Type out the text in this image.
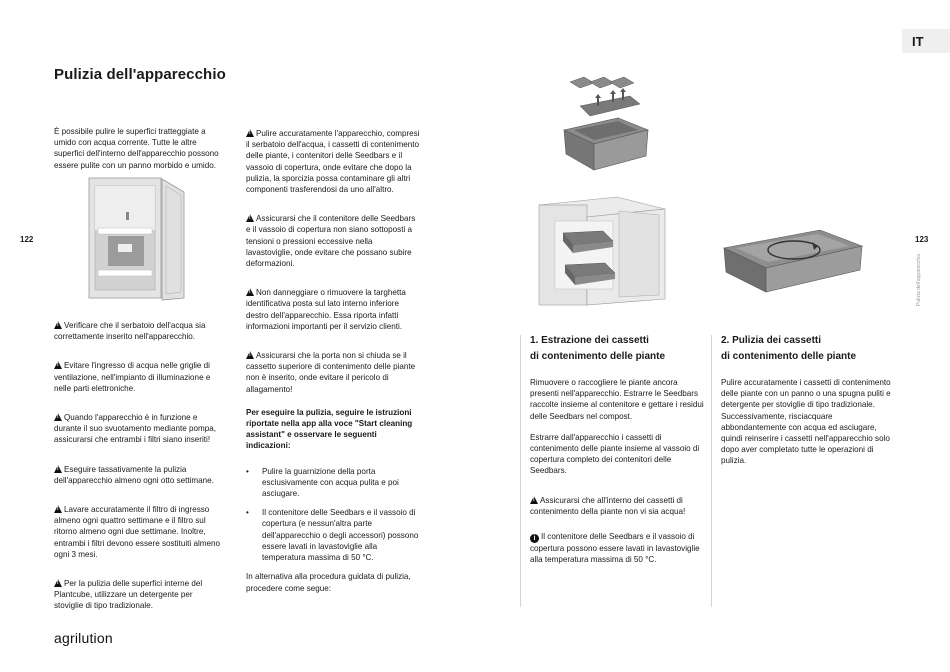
IT
122	123
Pulizia dell'apparecchio
Pulizia dell'apparecchio

È possibile pulire le superfici tratteggiate a umido con acqua corrente. Tutte le altre superfici dell'interno dell'apparecchio possono essere pulite con un panno morbido e umido.

!Verificare che il serbatoio dell'acqua sia correttamente inserito nell'apparecchio.

!Evitare l'ingresso di acqua nelle griglie di ventilazione, nell'impianto di illuminazione e nelle parti elettroniche.

!Quando l'apparecchio è in funzione e durante il suo svuotamento mediante pompa, assicurarsi che entrambi i filtri siano inseriti!

!Eseguire tassativamente la pulizia dell'apparecchio almeno ogni otto settimane.

!Lavare accuratamente il filtro di ingresso almeno ogni quattro settimane e il filtro sul ritorno almeno ogni due settimane. Inoltre, entrambi i filtri devono essere sostituiti almeno ogni 3 mesi.

!Per la pulizia delle superfici interne del Plantcube, utilizzare un detergente per stoviglie di tipo tradizionale.

!Pulire accuratamente l'apparecchio, compresi il serbatoio dell'acqua, i cassetti di contenimento delle piante, i contenitori delle Seedbars e il vassoio di copertura, onde evitare che dopo la pulizia, la sporcizia possa contaminare gli altri componenti trasferendosi da uno all'altro.

!Assicurarsi che il contenitore delle Seedbars e il vassoio di copertura non siano sottoposti a tensioni o pressioni eccessive nella lavastoviglie, onde evitare che possano subire deformazioni.

!Non danneggiare o rimuovere la targhetta identificativa posta sul lato interno inferiore destro dell'apparecchio. Essa riporta infatti informazioni importanti per il servizio clienti.

!Assicurarsi che la porta non si chiuda se il cassetto superiore di contenimento delle piante non è inserito, onde evitare il pericolo di allagamento!

Per eseguire la pulizia, seguire le istruzioni riportate nella app alla voce "Start cleaning assistant" e osservare le seguenti indicazioni:

• Pulire la guarnizione della porta esclusivamente con acqua pulita e poi asciugare.
• Il contenitore delle Seedbars e il vassoio di copertura (e nessun'altra parte dell'apparecchio o degli accessori) possono essere lavati in lavastoviglie alla temperatura massima di 50 °C.

In alternativa alla procedura guidata di pulizia, procedere come segue:

1. Estrazione dei cassetti
di contenimento delle piante

Rimuovere o raccogliere le piante ancora presenti nell'apparecchio. Estrarre le Seedbars raccolte insieme al contenitore e gettare i residui delle Seedbars nel compost.

Estrarre dall'apparecchio i cassetti di contenimento delle piante insieme al vassoio di copertura completo dei contenitori delle Seedbars.

!Assicurarsi che all'interno dei cassetti di contenimento della piante non vi sia acqua!

i Il contenitore delle Seedbars e il vassoio di copertura possono essere lavati in lavastoviglie alla temperatura massima di 50 °C.

2. Pulizia dei cassetti
di contenimento delle piante

Pulire accuratamente i cassetti di contenimento delle piante con un panno o una spugna puliti e detergente per stoviglie di tipo tradizionale. Successivamente, risciacquare abbondantemente con acqua ed asciugare, quindi reinserire i cassetti nell'apparecchio solo dopo aver completato tutte le operazioni di pulizia.

agrilution
